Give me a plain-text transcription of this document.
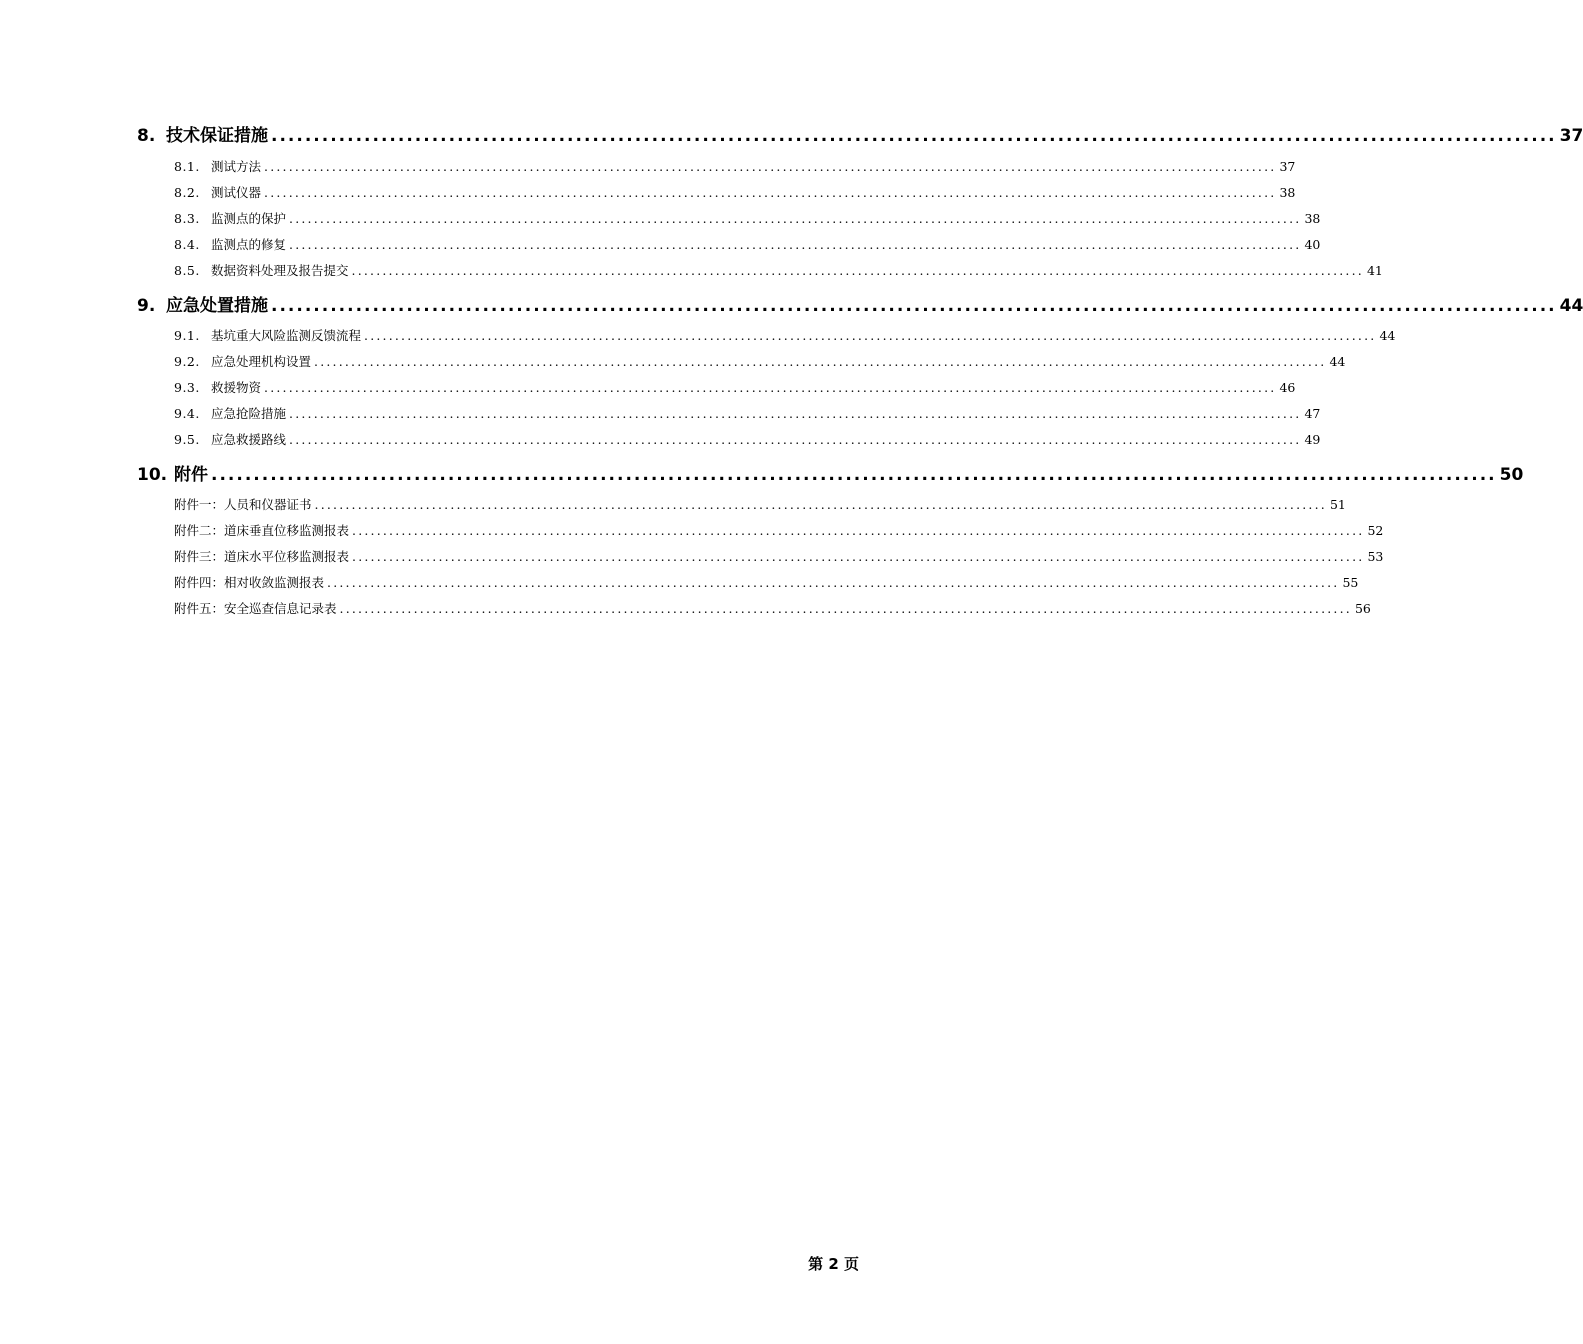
8. 技术保证措施 ........................................................................................................................................................ 37
8.1. 测试方法 .................................................................................................................................................................... 37
8.2. 测试仪器 .................................................................................................................................................................... 38
8.3. 监测点的保护 .................................................................................................................................................................... 38
8.4. 监测点的修复 .................................................................................................................................................................... 40
8.5. 数据资料处理及报告提交 .................................................................................................................................................................... 41
9. 应急处置措施 ........................................................................................................................................................ 44
9.1. 基坑重大风险监测反馈流程 .................................................................................................................................................................... 44
9.2. 应急处理机构设置 .................................................................................................................................................................... 44
9.3. 救援物资 .................................................................................................................................................................... 46
9.4. 应急抢险措施 .................................................................................................................................................................... 47
9.5. 应急救援路线 .................................................................................................................................................................... 49
10. 附件 ........................................................................................................................................................ 50
附件一：人员和仪器证书 .................................................................................................................................................................... 51
附件二：道床垂直位移监测报表 .................................................................................................................................................................... 52
附件三：道床水平位移监测报表 .................................................................................................................................................................... 53
附件四：相对收敛监测报表 .................................................................................................................................................................... 55
附件五：安全巡查信息记录表 .................................................................................................................................................................... 56
第 2 页
